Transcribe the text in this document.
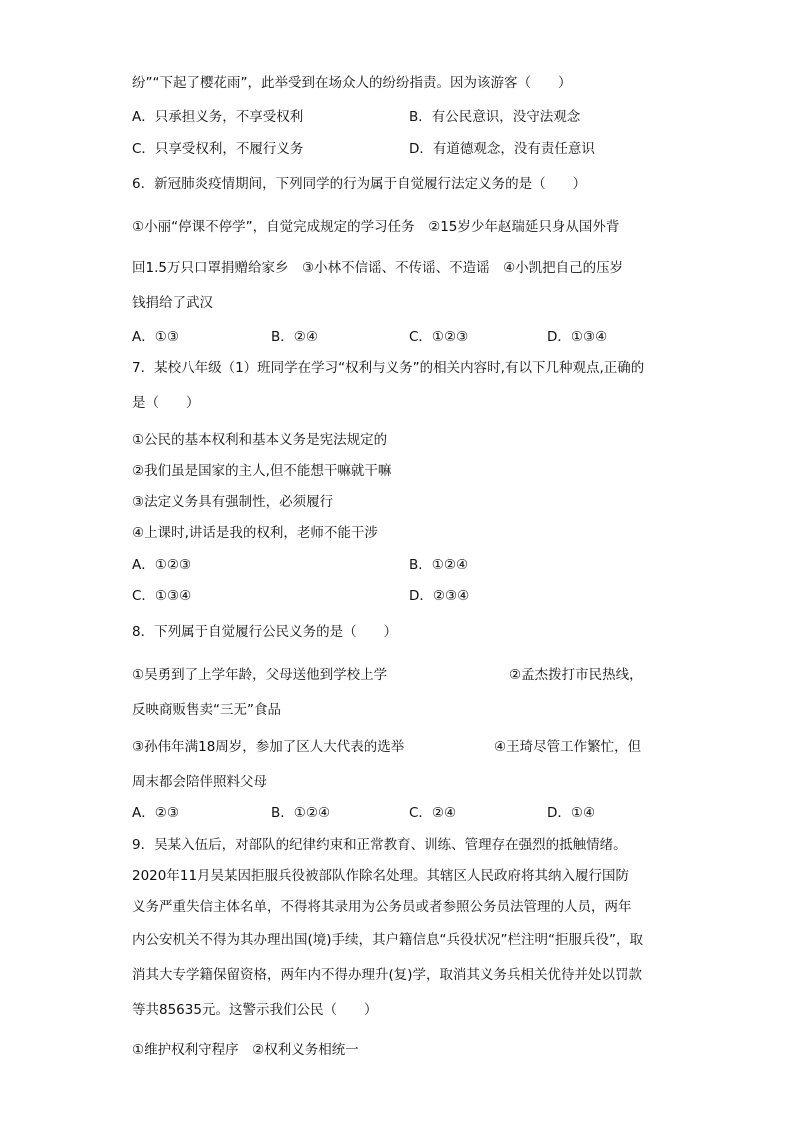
纷”“下起了樱花雨”，此举受到在场众人的纷纷指责。因为该游客（　　）
A．只承担义务，不享受权利	B．有公民意识，没守法观念
C．只享受权利，不履行义务	D．有道德观念，没有责任意识
6．新冠肺炎疫情期间，下列同学的行为属于自觉履行法定义务的是（　　）
①小丽“停课不停学”，自觉完成规定的学习任务　②15岁少年赵瑞延只身从国外背
回1.5万只口罩捐赠给家乡　③小林不信谣、不传谣、不造谣　④小凯把自己的压岁
钱捐给了武汉
A．①③	B．②④	C．①②③	D．①③④
7．某校八年级（1）班同学在学习“权利与义务”的相关内容时,有以下几种观点,正确的
是（　　）
①公民的基本权利和基本义务是宪法规定的
②我们虽是国家的主人,但不能想干嘛就干嘛
③法定义务具有强制性，必须履行
④上课时,讲话是我的权利，老师不能干涉
A．①②③	B．①②④
C．①③④	D．②③④
8．下列属于自觉履行公民义务的是（　　）
①吴勇到了上学年龄，父母送他到学校上学	②孟杰拨打市民热线，
反映商贩售卖“三无”食品
③孙伟年满18周岁，参加了区人大代表的选举	④王琦尽管工作繁忙，但
周末都会陪伴照料父母
A．②③	B．①②④	C．②④	D．①④
9．吴某入伍后，对部队的纪律约束和正常教育、训练、管理存在强烈的抵触情绪。
2020年11月吴某因拒服兵役被部队作除名处理。其辖区人民政府将其纳入履行国防
义务严重失信主体名单，不得将其录用为公务员或者参照公务员法管理的人员，两年
内公安机关不得为其办理出国(境)手续，其户籍信息“兵役状况”栏注明“拒服兵役”，取
消其大专学籍保留资格，两年内不得办理升(复)学，取消其义务兵相关优待并处以罚款
等共85635元。这警示我们公民（　　）
①维护权利守程序　②权利义务相统一
